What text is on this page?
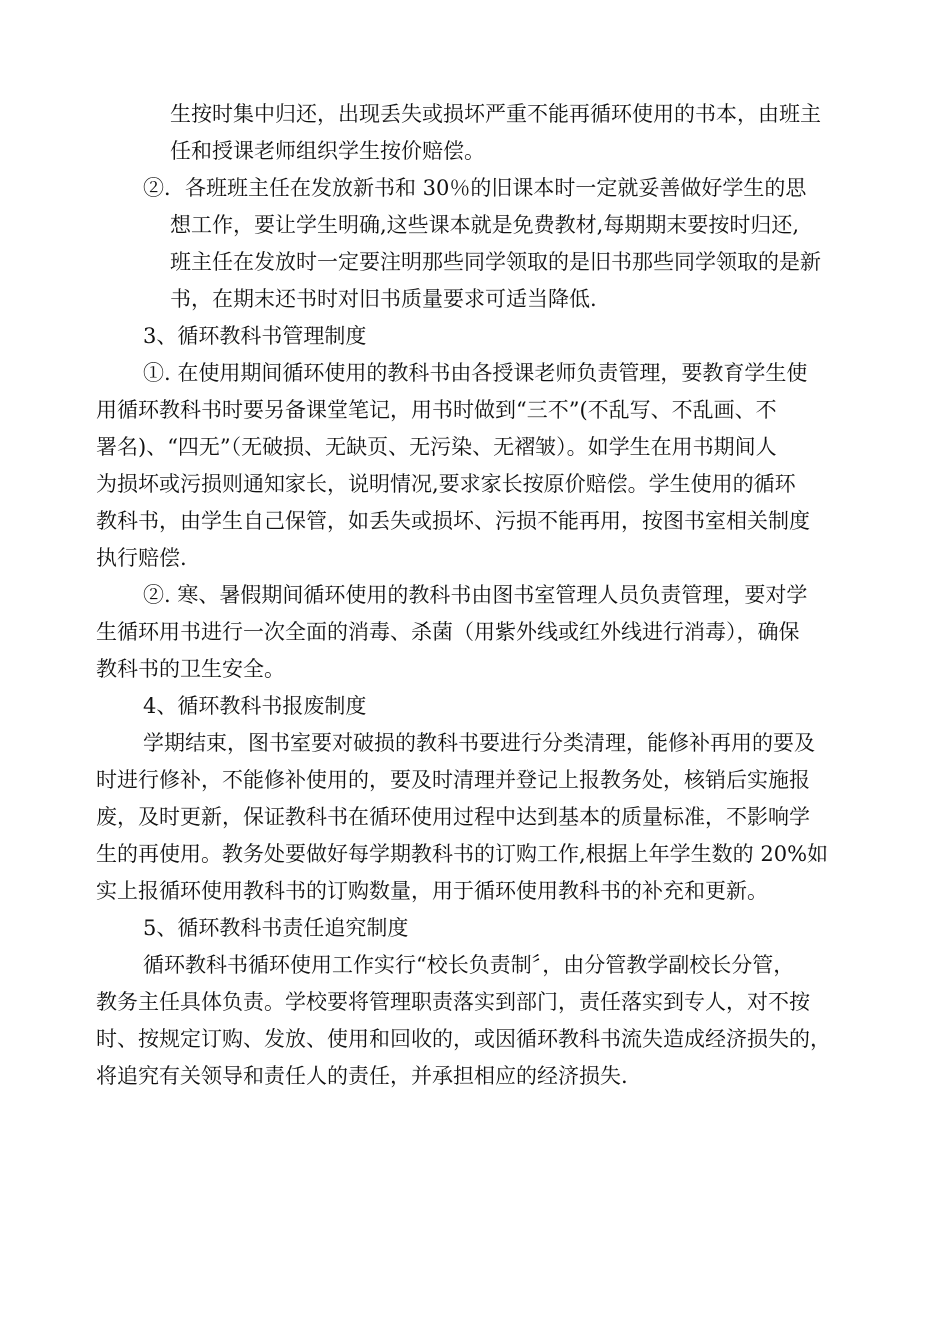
生按时集中归还，出现丢失或损坏严重不能再循环使用的书本，由班主
任和授课老师组织学生按价赔偿。
②．各班班主任在发放新书和 30％的旧课本时一定就妥善做好学生的思
想工作，要让学生明确,这些课本就是免费教材,每期期末要按时归还,
班主任在发放时一定要注明那些同学领取的是旧书那些同学领取的是新
书，在期末还书时对旧书质量要求可适当降低.
3、循环教科书管理制度
①. 在使用期间循环使用的教科书由各授课老师负责管理，要教育学生使
用循环教科书时要另备课堂笔记，用书时做到“三不”(不乱写、不乱画、不
署名)、“四无”（无破损、无缺页、无污染、无褶皱）。如学生在用书期间人
为损坏或污损则通知家长，说明情况,要求家长按原价赔偿。学生使用的循环
教科书，由学生自己保管，如丢失或损坏、污损不能再用，按图书室相关制度
执行赔偿.
②. 寒、暑假期间循环使用的教科书由图书室管理人员负责管理，要对学
生循环用书进行一次全面的消毒、杀菌（用紫外线或红外线进行消毒），确保
教科书的卫生安全。
4、循环教科书报废制度
学期结束，图书室要对破损的教科书要进行分类清理，能修补再用的要及
时进行修补，不能修补使用的，要及时清理并登记上报教务处，核销后实施报
废，及时更新，保证教科书在循环使用过程中达到基本的质量标准，不影响学
生的再使用。教务处要做好每学期教科书的订购工作,根据上年学生数的 20%如
实上报循环使用教科书的订购数量，用于循环使用教科书的补充和更新。
5、循环教科书责任追究制度
循环教科书循环使用工作实行“校长负责制〞，由分管教学副校长分管，
教务主任具体负责。学校要将管理职责落实到部门，责任落实到专人，对不按
时、按规定订购、发放、使用和回收的，或因循环教科书流失造成经济损失的，
将追究有关领导和责任人的责任，并承担相应的经济损失.
